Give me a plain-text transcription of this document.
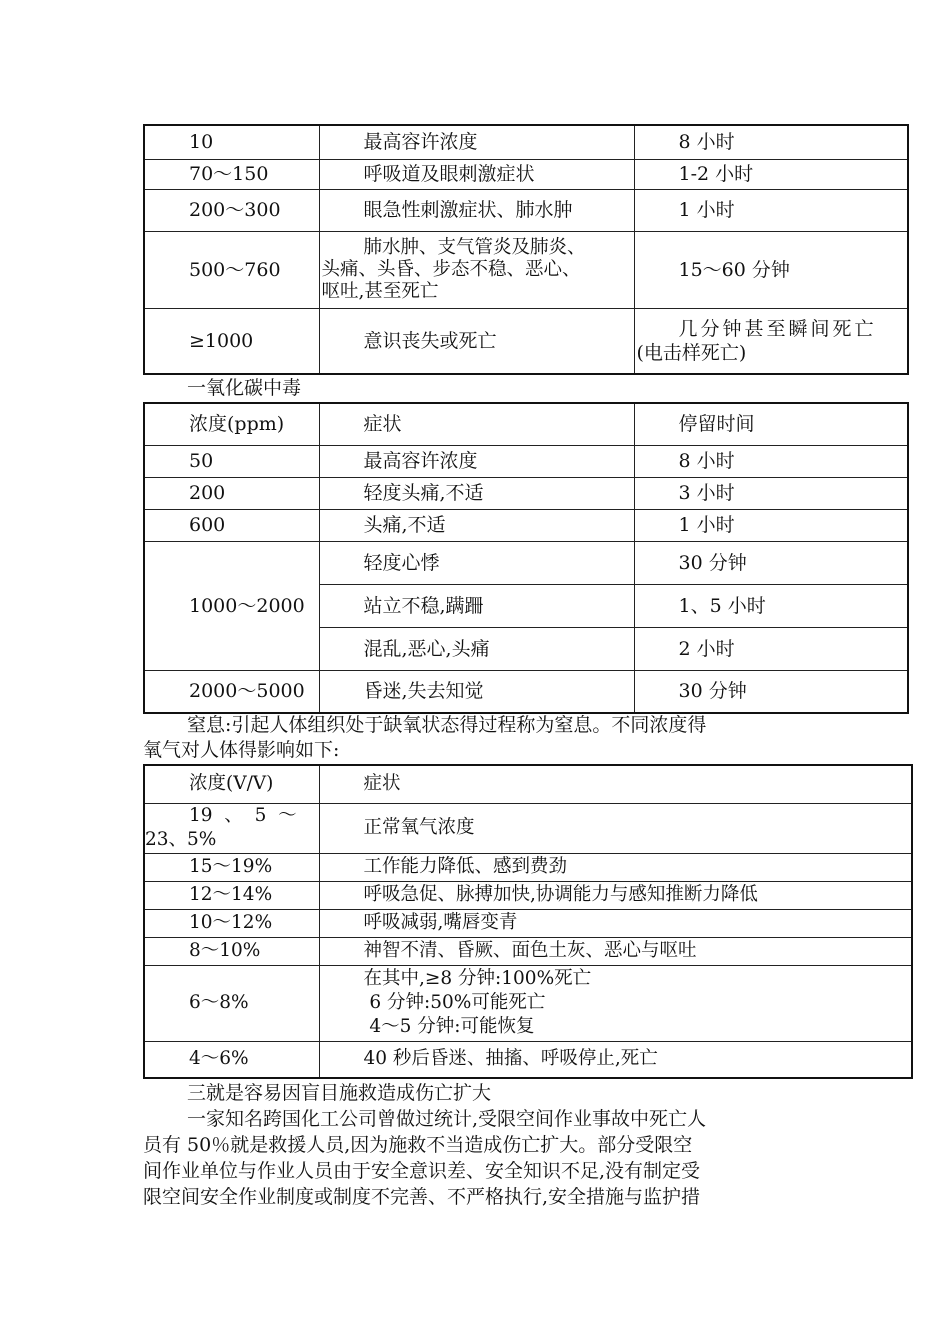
10	最高容许浓度	8 小时
70～150	呼吸道及眼刺激症状	1-2 小时
200～300	眼急性刺激症状、肺水肿	1 小时
500～760	肺水肿、支气管炎及肺炎、
头痛、头昏、步态不稳、恶心、
呕吐,甚至死亡	15～60 分钟
≥1000	意识丧失或死亡	几分钟甚至瞬间死亡
(电击样死亡)

一氧化碳中毒

浓度(ppm)	症状	停留时间
50	最高容许浓度	8 小时
200	轻度头痛,不适	3 小时
600	头痛,不适	1 小时
1000～2000	轻度心悸	30 分钟
	站立不稳,蹒跚	1、5 小时
	混乱,恶心,头痛	2 小时
2000～5000	昏迷,失去知觉	30 分钟

窒息:引起人体组织处于缺氧状态得过程称为窒息。不同浓度得
氧气对人体得影响如下:

浓度(V/V)	症状

19  、  5  ～
23、5%	正常氧气浓度
15～19%	工作能力降低、感到费劲
12～14%	呼吸急促、脉搏加快,协调能力与感知推断力降低
10～12%	呼吸减弱,嘴唇变青
8～10%	神智不清、昏厥、面色土灰、恶心与呕吐
6～8%	在其中,≥8 分钟:100%死亡
6 分钟:50%可能死亡
4～5 分钟:可能恢复

4～6%	40 秒后昏迷、抽搐、呼吸停止,死亡

三就是容易因盲目施救造成伤亡扩大

一家知名跨国化工公司曾做过统计,受限空间作业事故中死亡人
员有 50％就是救援人员,因为施救不当造成伤亡扩大。部分受限空
间作业单位与作业人员由于安全意识差、安全知识不足,没有制定受
限空间安全作业制度或制度不完善、不严格执行,安全措施与监护措
